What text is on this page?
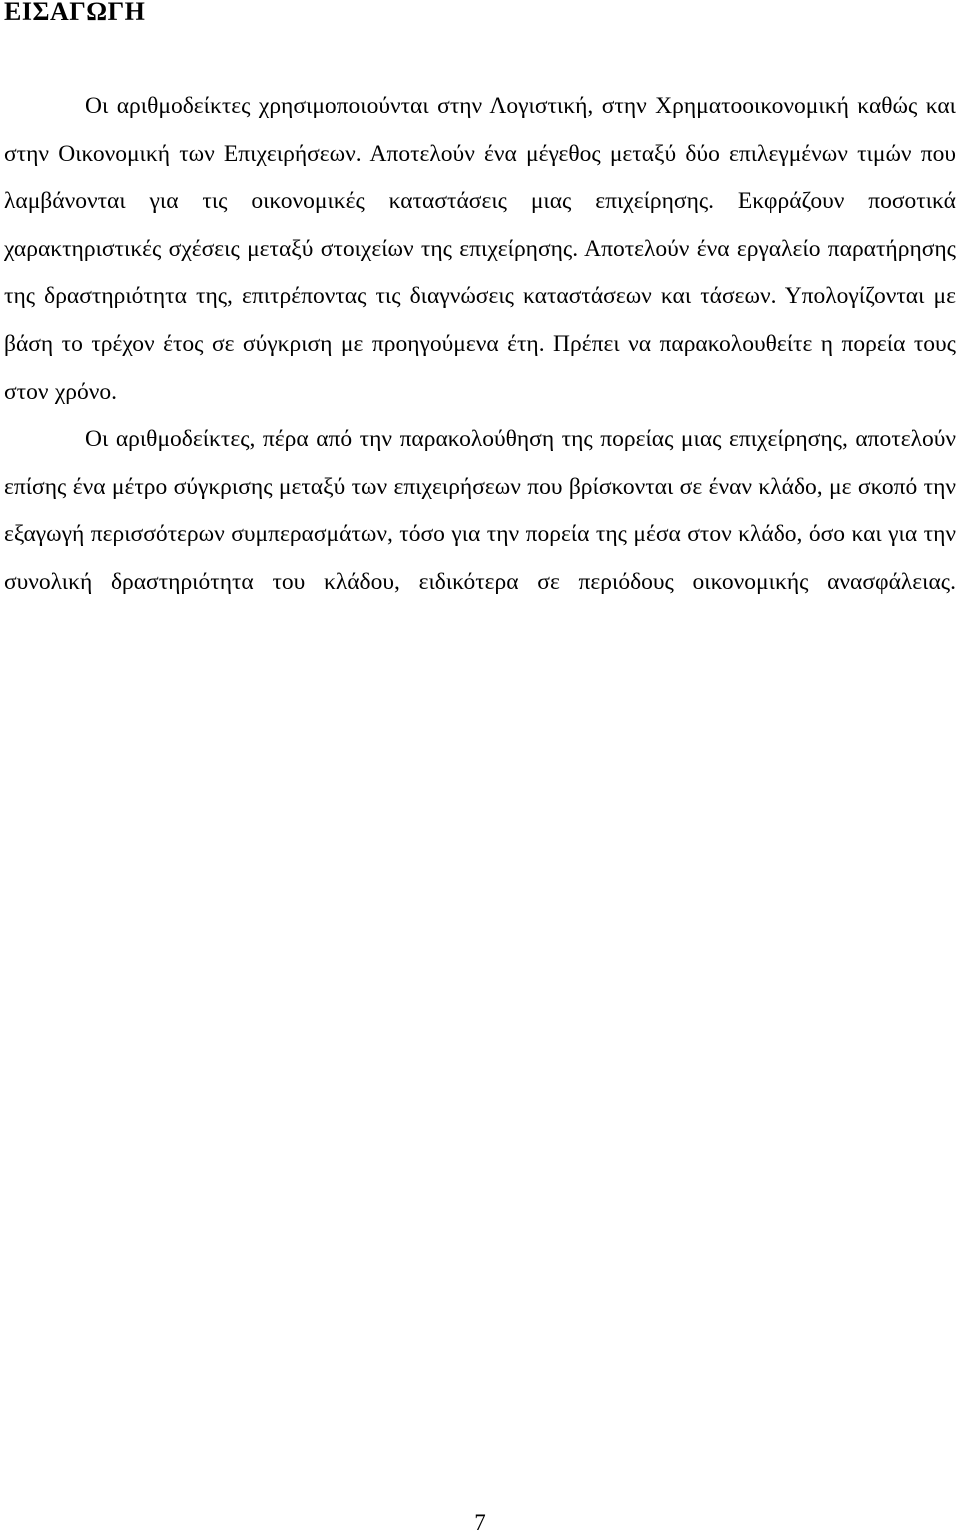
ΕΙΣΑΓΩΓΗ

Οι αριθμοδείκτες χρησιμοποιούνται στην Λογιστική, στην Χρηματοοικονομική καθώς και στην Οικονομική των Επιχειρήσεων. Αποτελούν ένα μέγεθος μεταξύ δύο επιλεγμένων τιμών που λαμβάνονται για τις οικονομικές καταστάσεις μιας επιχείρησης. Εκφράζουν ποσοτικά χαρακτηριστικές σχέσεις μεταξύ στοιχείων της επιχείρησης. Αποτελούν ένα εργαλείο παρατήρησης της δραστηριότητα της, επιτρέποντας τις διαγνώσεις καταστάσεων και τάσεων. Υπολογίζονται με βάση το τρέχον έτος σε σύγκριση με προηγούμενα έτη. Πρέπει να παρακολουθείτε η πορεία τους στον χρόνο.

Οι αριθμοδείκτες, πέρα από την παρακολούθηση της πορείας μιας επιχείρησης, αποτελούν επίσης ένα μέτρο σύγκρισης μεταξύ των επιχειρήσεων που βρίσκονται σε έναν κλάδο, με σκοπό την εξαγωγή περισσότερων συμπερασμάτων, τόσο για την πορεία της μέσα στον κλάδο, όσο και για την συνολική δραστηριότητα του κλάδου, ειδικότερα σε περιόδους οικονομικής ανασφάλειας.

7
